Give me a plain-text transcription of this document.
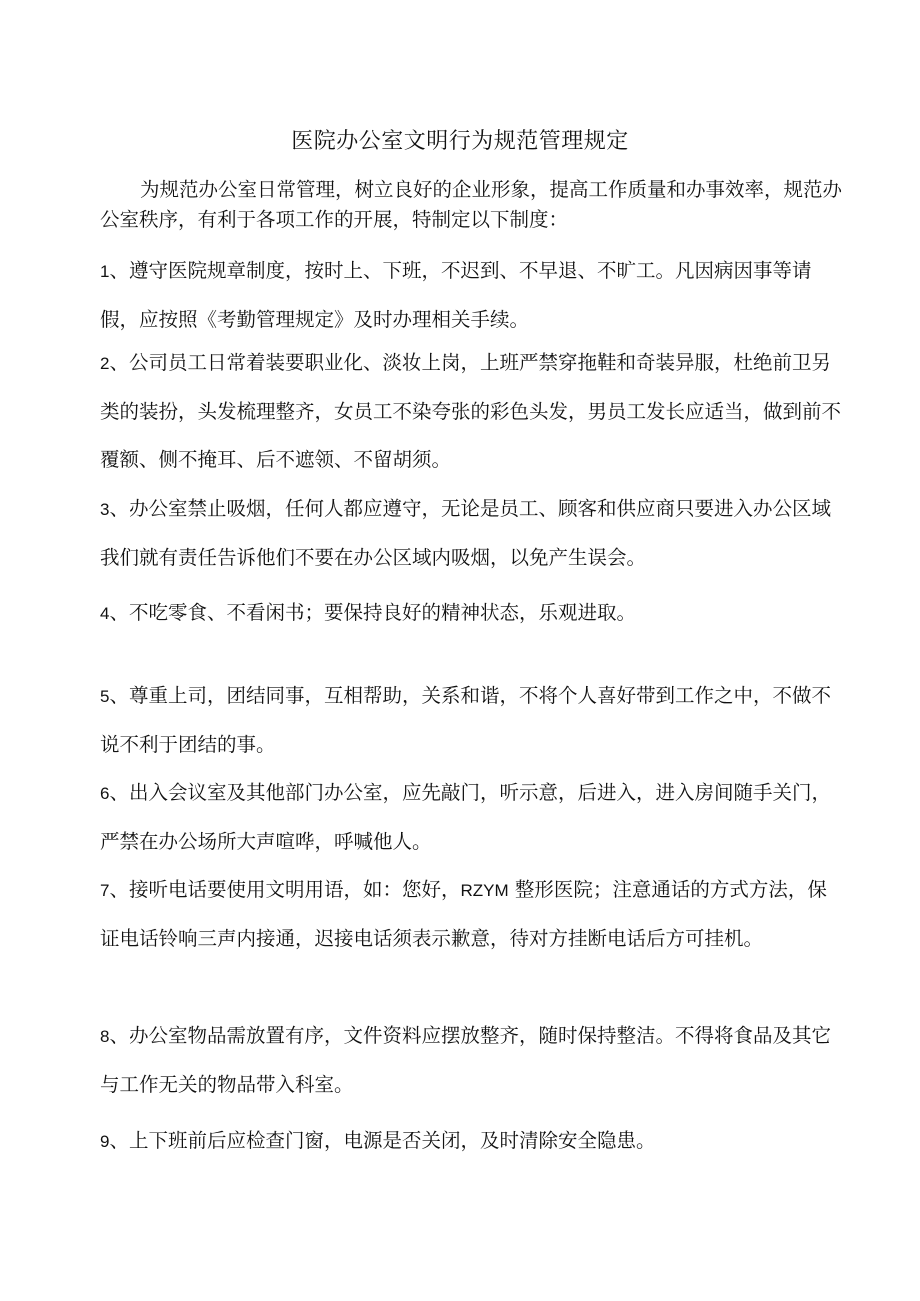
医院办公室文明行为规范管理规定

为规范办公室日常管理，树立良好的企业形象，提高工作质量和办事效率，规范办公室秩序，有利于各项工作的开展，特制定以下制度：

1、遵守医院规章制度，按时上、下班，不迟到、不早退、不旷工。凡因病因事等请假，应按照《考勤管理规定》及时办理相关手续。

2、公司员工日常着装要职业化、淡妆上岗，上班严禁穿拖鞋和奇装异服，杜绝前卫另类的装扮，头发梳理整齐，女员工不染夸张的彩色头发，男员工发长应适当，做到前不覆额、侧不掩耳、后不遮领、不留胡须。

3、办公室禁止吸烟，任何人都应遵守，无论是员工、顾客和供应商只要进入办公区域我们就有责任告诉他们不要在办公区域内吸烟，以免产生误会。

4、不吃零食、不看闲书；要保持良好的精神状态，乐观进取。

5、尊重上司，团结同事，互相帮助，关系和谐，不将个人喜好带到工作之中，不做不说不利于团结的事。

6、出入会议室及其他部门办公室，应先敲门，听示意，后进入，进入房间随手关门，严禁在办公场所大声喧哗，呼喊他人。

7、接听电话要使用文明用语，如：您好，RZYM 整形医院；注意通话的方式方法，保证电话铃响三声内接通，迟接电话须表示歉意，待对方挂断电话后方可挂机。

8、办公室物品需放置有序，文件资料应摆放整齐，随时保持整洁。不得将食品及其它与工作无关的物品带入科室。

9、上下班前后应检查门窗，电源是否关闭，及时清除安全隐患。
